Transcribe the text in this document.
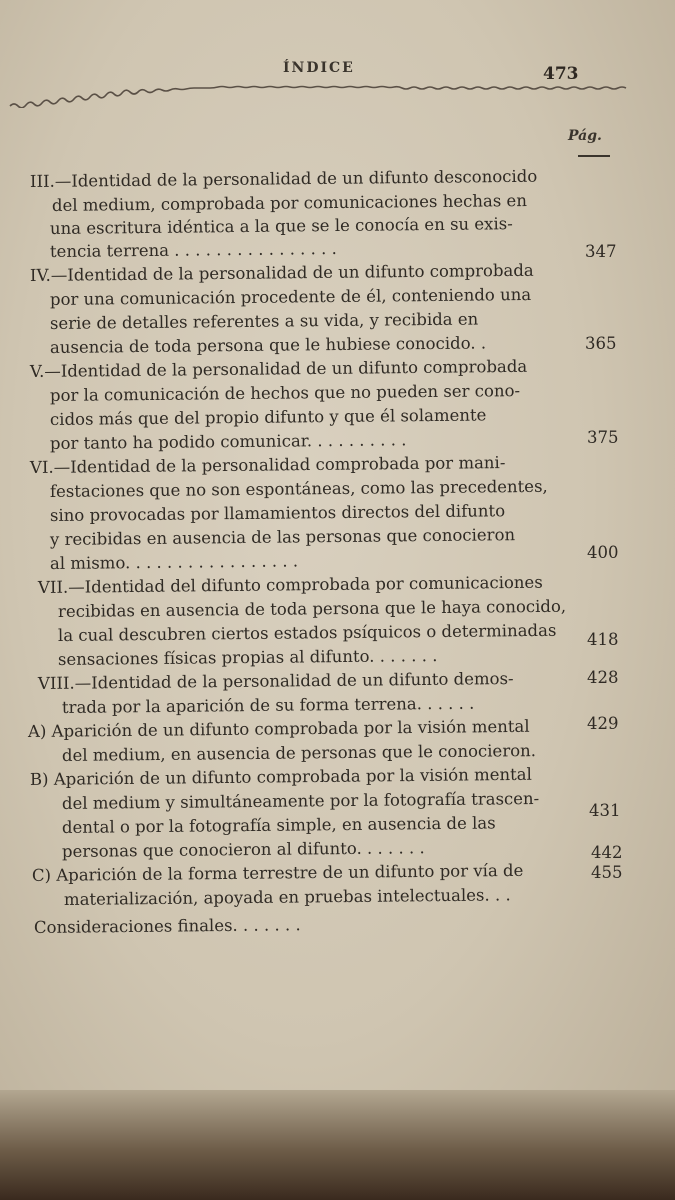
ÍNDICE	473
Pág.
III.—Identidad de la personalidad de un difunto desconocido
del medium, comprobada por comunicaciones hechas en
una escritura idéntica a la que se le conocía en su exis-
tencia terrena . . . . . . . . . . . . . . . .
IV.—Identidad de la personalidad de un difunto comprobada
por una comunicación procedente de él, conteniendo una
serie de detalles referentes a su vida, y recibida en
ausencia de toda persona que le hubiese conocido. .
V.—Identidad de la personalidad de un difunto comprobada
por la comunicación de hechos que no pueden ser cono-
cidos más que del propio difunto y que él solamente
por tanto ha podido comunicar. . . . . . . . . .
VI.—Identidad de la personalidad comprobada por mani-
festaciones que no son espontáneas, como las precedentes,
sino provocadas por llamamientos directos del difunto
y recibidas en ausencia de las personas que conocieron
al mismo. . . . . . . . . . . . . . . . .
VII.—Identidad del difunto comprobada por comunicaciones
recibidas en ausencia de toda persona que le haya conocido,
la cual descubren ciertos estados psíquicos o determinadas
sensaciones físicas propias al difunto. . . . . . .
VIII.—Identidad de la personalidad de un difunto demos-
trada por la aparición de su forma terrena. . . . . .
A) Aparición de un difunto comprobada por la visión mental
del medium, en ausencia de personas que le conocieron.
B) Aparición de un difunto comprobada por la visión mental
del medium y simultáneamente por la fotografía trascen-
dental o por la fotografía simple, en ausencia de las
personas que conocieron al difunto. . . . . . .
C) Aparición de la forma terrestre de un difunto por vía de
materialización, apoyada en pruebas intelectuales. . .
Consideraciones finales. . . . . . .
347
365
375
400
418
428
429
431
442
455
